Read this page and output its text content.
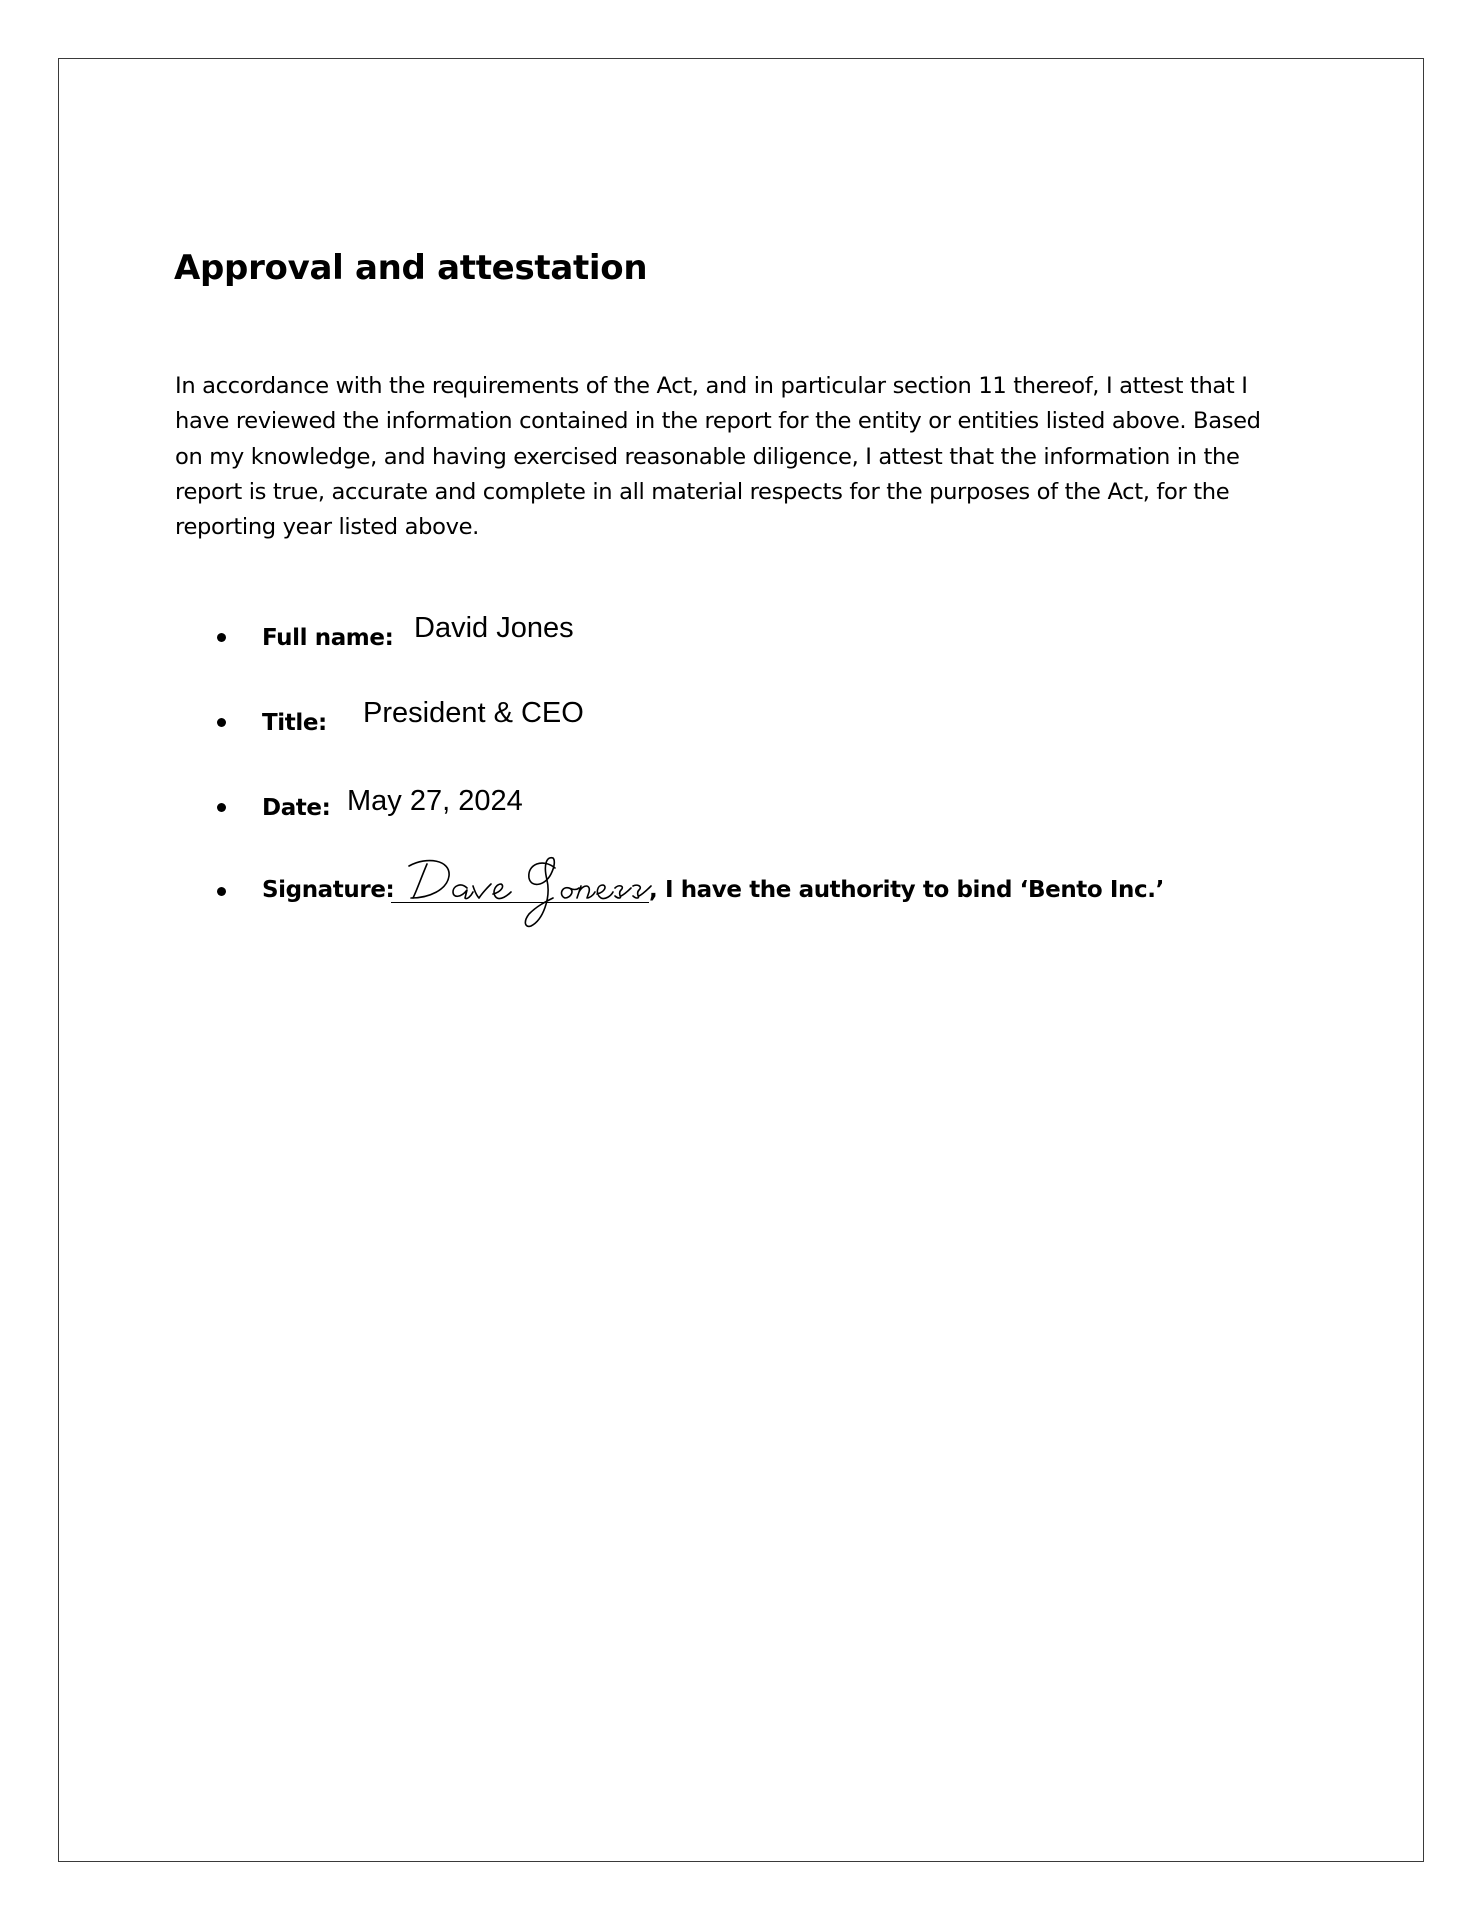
Approval and attestation

In accordance with the requirements of the Act, and in particular section 11 thereof, I attest that I
have reviewed the information contained in the report for the entity or entities listed above. Based
on my knowledge, and having exercised reasonable diligence, I attest that the information in the
report is true, accurate and complete in all material respects for the purposes of the Act, for the
reporting year listed above.

Full name: David Jones
Title: President & CEO
Date: May 27, 2024
Signature:	, I have the authority to bind ‘Bento Inc.’
